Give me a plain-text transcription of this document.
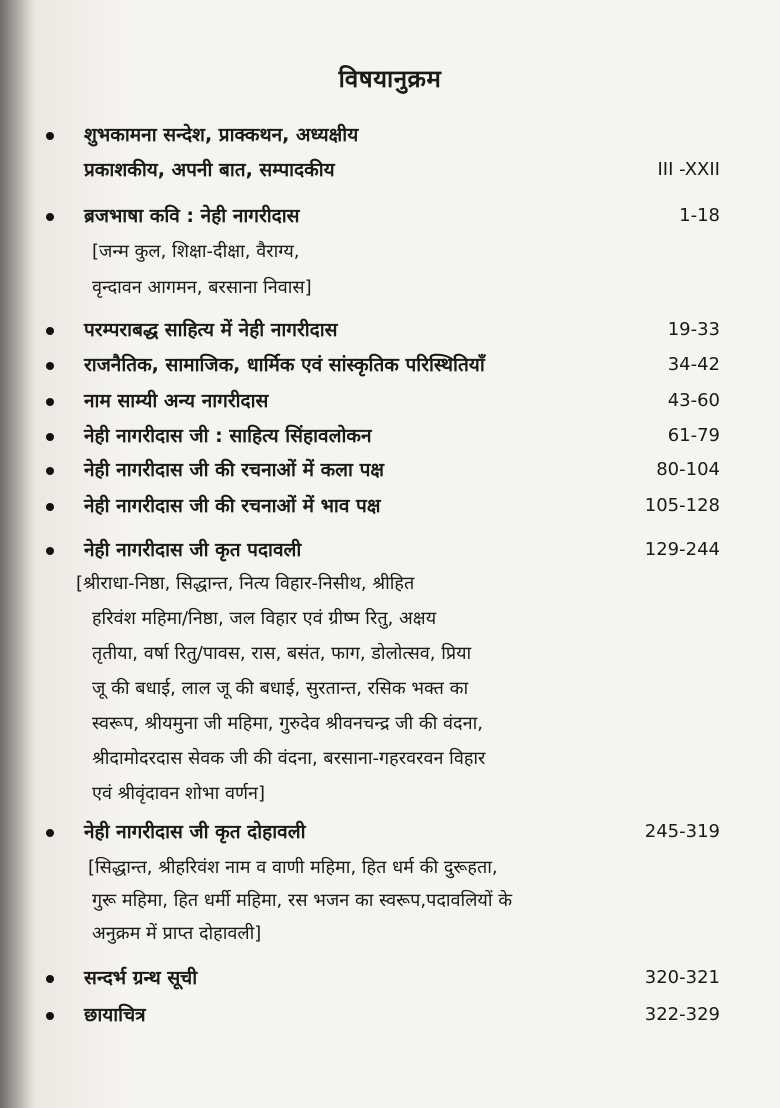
विषयानुक्रम
शुभकामना सन्देश, प्राक्कथन, अध्यक्षीय
प्रकाशकीय, अपनी बात, सम्पादकीय	III -XXII
ब्रजभाषा कवि : नेही नागरीदास	1-18
[जन्म कुल, शिक्षा-दीक्षा, वैराग्य,
वृन्दावन आगमन, बरसाना निवास]
परम्पराबद्ध साहित्य में नेही नागरीदास	19-33
राजनैतिक, सामाजिक, धार्मिक एवं सांस्कृतिक परिस्थितियाँ	34-42
नाम साम्यी अन्य नागरीदास	43-60
नेही नागरीदास जी : साहित्य सिंहावलोकन	61-79
नेही नागरीदास जी की रचनाओं में कला पक्ष	80-104
नेही नागरीदास जी की रचनाओं में भाव पक्ष	105-128
नेही नागरीदास जी कृत पदावली	129-244
[श्रीराधा-निष्ठा, सिद्धान्त, नित्य विहार-निसीथ, श्रीहित
हरिवंश महिमा/निष्ठा, जल विहार एवं ग्रीष्म रितु, अक्षय
तृतीया, वर्षा रितु/पावस, रास, बसंत, फाग, डोलोत्सव, प्रिया
जू की बधाई, लाल जू की बधाई, सुरतान्त, रसिक भक्त का
स्वरूप, श्रीयमुना जी महिमा, गुरुदेव श्रीवनचन्द्र जी की वंदना,
श्रीदामोदरदास सेवक जी की वंदना, बरसाना-गहरवरवन विहार
एवं श्रीवृंदावन शोभा वर्णन]
नेही नागरीदास जी कृत दोहावली	245-319
[सिद्धान्त, श्रीहरिवंश नाम व वाणी महिमा, हित धर्म की दुरूहता,
गुरू महिमा, हित धर्मी महिमा, रस भजन का स्वरूप,पदावलियों के
अनुक्रम में प्राप्त दोहावली]
सन्दर्भ ग्रन्थ सूची	320-321
छायाचित्र	322-329
